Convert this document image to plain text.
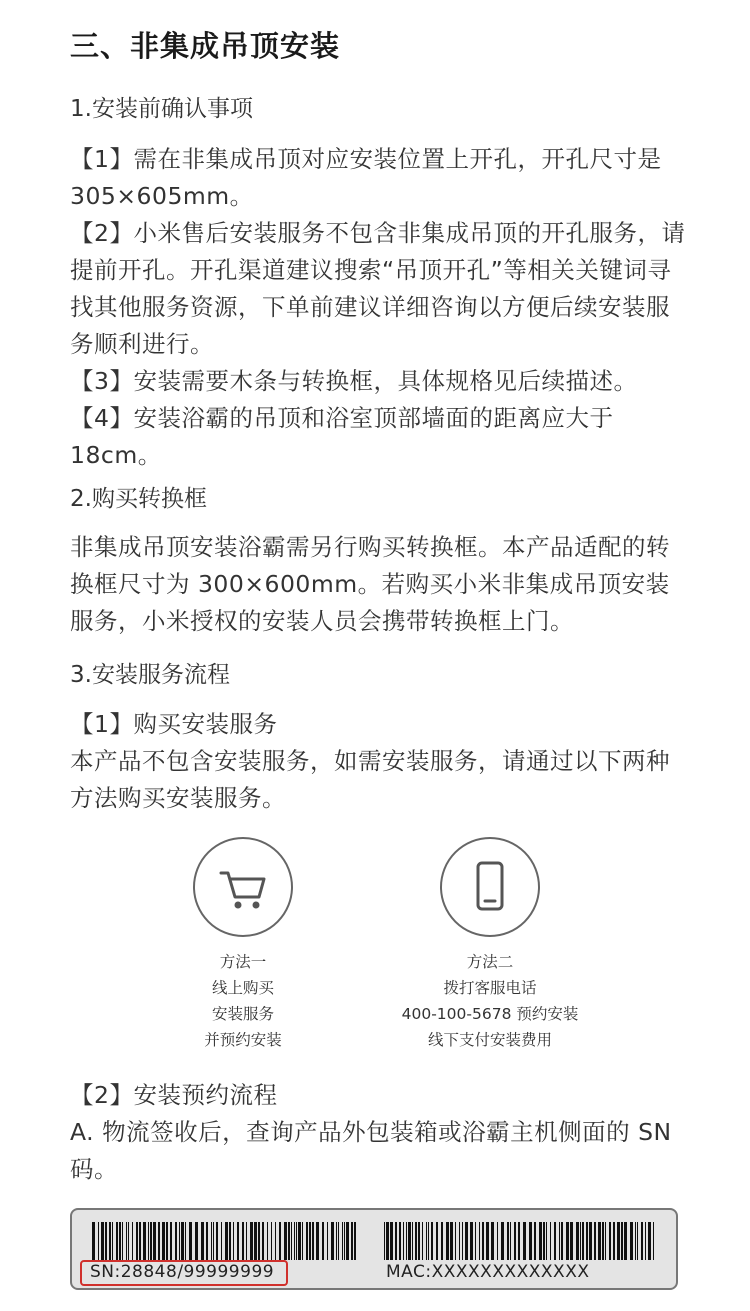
三、非集成吊顶安装
1.安装前确认事项

【1】需在非集成吊顶对应安装位置上开孔，开孔尺寸是 305×605mm。
【2】小米售后安装服务不包含非集成吊顶的开孔服务，请提前开孔。开孔渠道建议搜索“吊顶开孔”等相关关键词寻找其他服务资源，下单前建议详细咨询以方便后续安装服务顺利进行。
【3】安装需要木条与转换框，具体规格见后续描述。
【4】安装浴霸的吊顶和浴室顶部墙面的距离应大于18cm。

2.购买转换框

非集成吊顶安装浴霸需另行购买转换框。本产品适配的转换框尺寸为 300×600mm。若购买小米非集成吊顶安装服务，小米授权的安装人员会携带转换框上门。

3.安装服务流程

【1】购买安装服务
本产品不包含安装服务，如需安装服务，请通过以下两种方法购买安装服务。

方法一
线上购买
安装服务
并预约安装
方法二
拨打客服电话
400-100-5678 预约安装
线下支付安装费用

【2】安装预约流程
A. 物流签收后，查询产品外包装箱或浴霸主机侧面的 SN 码。

SN:28848/99999999	MAC:XXXXXXXXXXXXX
